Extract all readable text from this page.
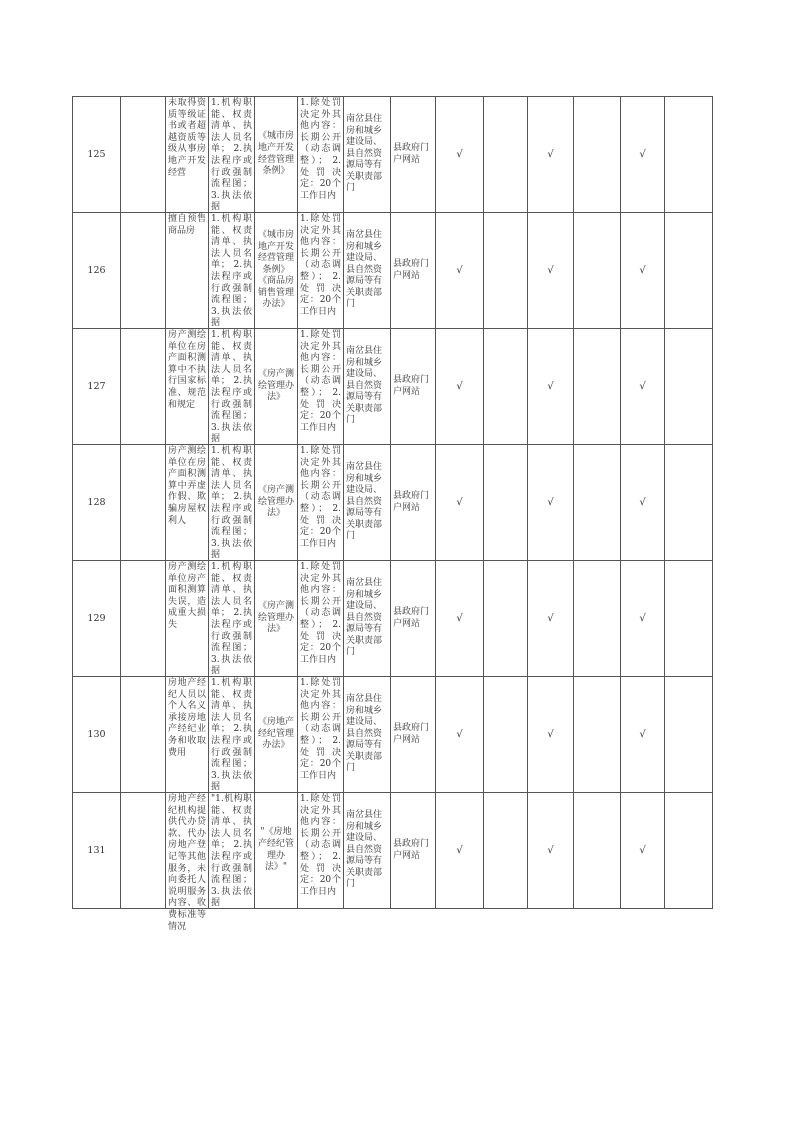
125		未取得资质等级证书或者超越资质等级从事房地产开发经营	1.机构职能、权责清单、执法人员名单； 2.执法程序或行政强制流程图； 3.执法依据	《城市房地产开发经营管理条例》	1.除处罚决定外其他内容：长期公开（动态调整）； 2.处罚决定：20个工作日内	南岔县住房和城乡建设局、县自然资源局等有关职责部门	县政府门户网站	√		√		√	
126		擅自预售商品房	1.机构职能、权责清单、执法人员名单； 2.执法程序或行政强制流程图； 3.执法依据	《城市房地产开发经营管理条例》《商品房销售管理办法》	1.除处罚决定外其他内容：长期公开（动态调整）； 2.处罚决定：20个工作日内	南岔县住房和城乡建设局、县自然资源局等有关职责部门	县政府门户网站	√		√		√	
127		房产测绘单位在房产面积测算中不执行国家标准、规范和规定	1.机构职能、权责清单、执法人员名单； 2.执法程序或行政强制流程图； 3.执法依据	《房产测绘管理办法》	1.除处罚决定外其他内容：长期公开（动态调整）； 2.处罚决定：20个工作日内	南岔县住房和城乡建设局、县自然资源局等有关职责部门	县政府门户网站	√		√		√	
128		房产测绘单位在房产面积测算中弄虚作假、欺骗房屋权利人	1.机构职能、权责清单、执法人员名单； 2.执法程序或行政强制流程图； 3.执法依据	《房产测绘管理办法》	1.除处罚决定外其他内容：长期公开（动态调整）； 2.处罚决定：20个工作日内	南岔县住房和城乡建设局、县自然资源局等有关职责部门	县政府门户网站	√		√		√	
129		房产测绘单位房产面积测算失误，造成重大损失	1.机构职能、权责清单、执法人员名单； 2.执法程序或行政强制流程图； 3.执法依据	《房产测绘管理办法》	1.除处罚决定外其他内容：长期公开（动态调整）； 2.处罚决定：20个工作日内	南岔县住房和城乡建设局、县自然资源局等有关职责部门	县政府门户网站	√		√		√	
130		房地产经纪人员以个人名义承接房地产经纪业务和收取费用	1.机构职能、权责清单、执法人员名单； 2.执法程序或行政强制流程图； 3.执法依据	《房地产经纪管理办法》	1.除处罚决定外其他内容：长期公开（动态调整）； 2.处罚决定：20个工作日内	南岔县住房和城乡建设局、县自然资源局等有关职责部门	县政府门户网站	√		√		√	
131		房地产经纪机构提供代办贷款、代办房地产登记等其他服务，未向委托人说明服务内容、收费标准等情况	"1.机构职能、权责清单、执法人员名单； 2.执法程序或行政强制流程图； 3.执法依据	"《房地产经纪管理办法》"	1.除处罚决定外其他内容：长期公开（动态调整）； 2.处罚决定：20个工作日内	南岔县住房和城乡建设局、县自然资源局等有关职责部门	县政府门户网站	√		√		√	
